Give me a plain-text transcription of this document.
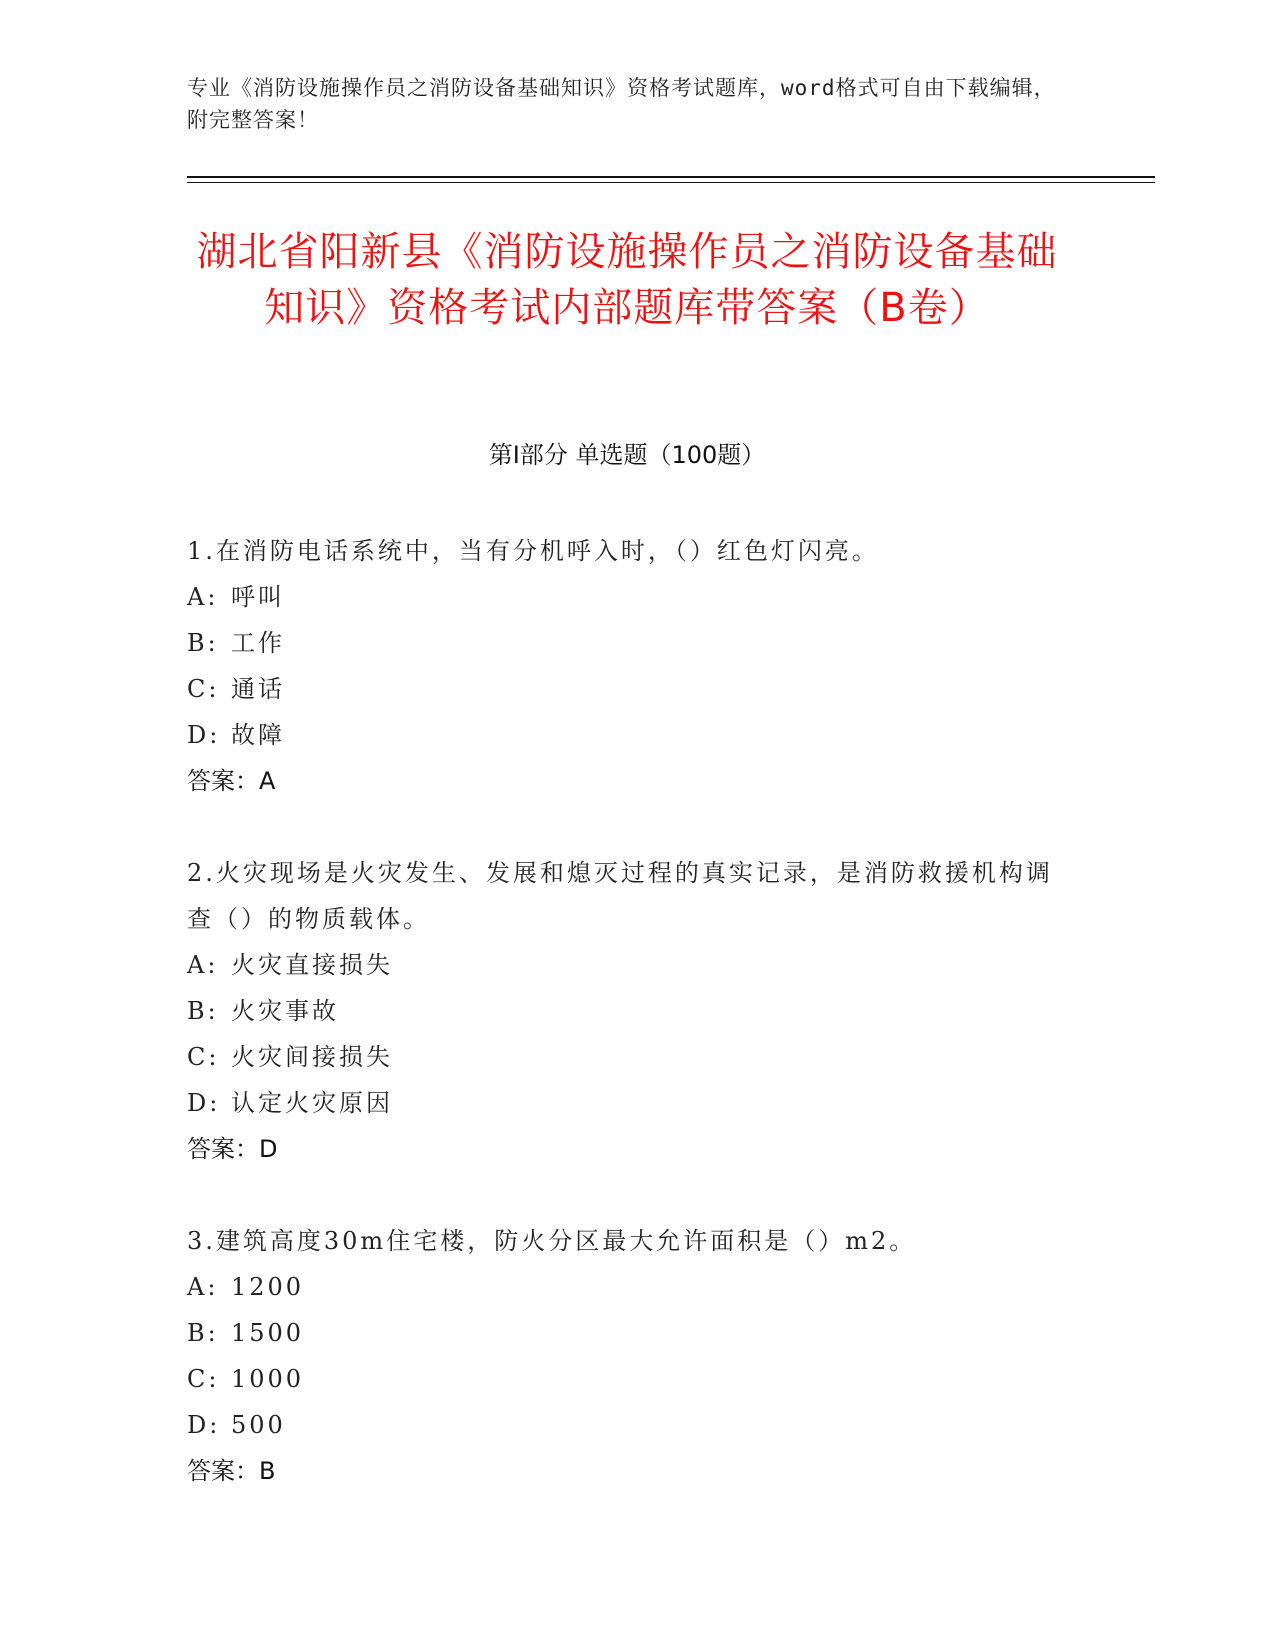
专业《消防设施操作员之消防设备基础知识》资格考试题库，word格式可自由下载编辑，附完整答案！
湖北省阳新县《消防设施操作员之消防设备基础知识》资格考试内部题库带答案（B卷）
第Ⅰ部分 单选题（100题）
1.在消防电话系统中，当有分机呼入时，（）红色灯闪亮。
A: 呼叫
B: 工作
C: 通话
D: 故障
答案：A
2.火灾现场是火灾发生、发展和熄灭过程的真实记录，是消防救援机构调查（）的物质载体。
A: 火灾直接损失
B: 火灾事故
C: 火灾间接损失
D: 认定火灾原因
答案：D
3.建筑高度30m住宅楼，防火分区最大允许面积是（）m2。
A: 1200
B: 1500
C: 1000
D: 500
答案：B
